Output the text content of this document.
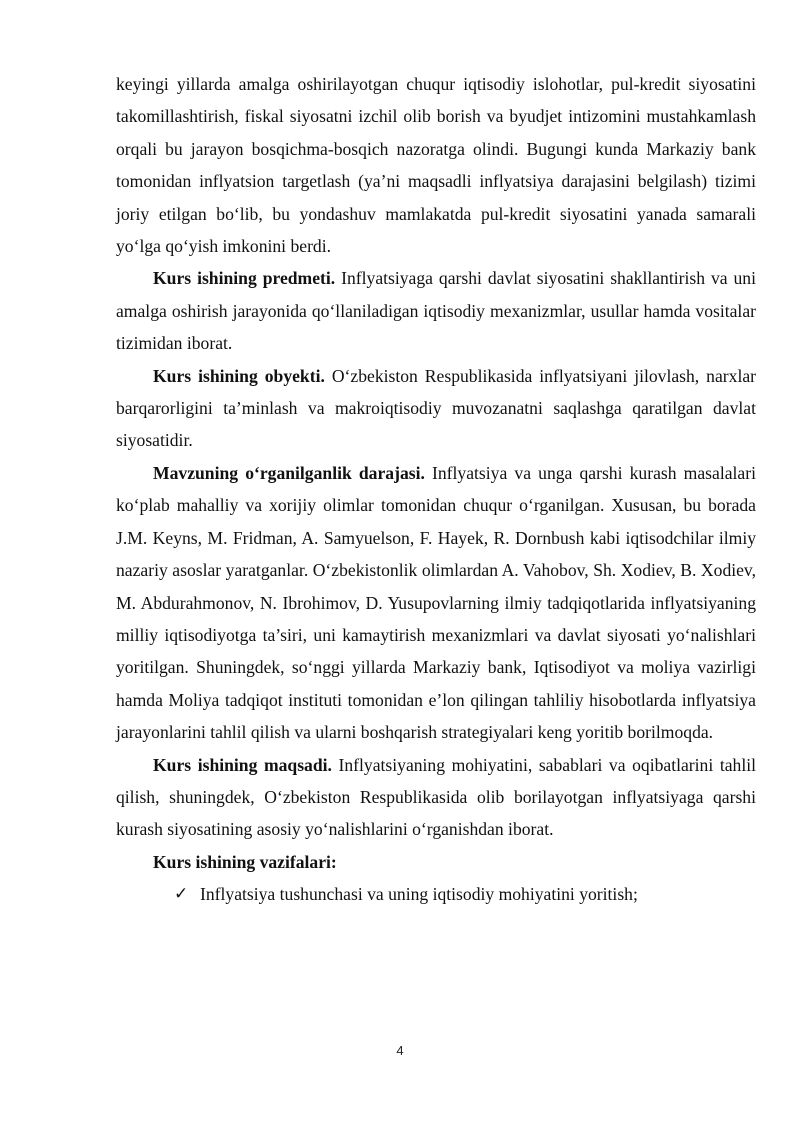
keyingi yillarda amalga oshirilayotgan chuqur iqtisodiy islohotlar, pul-kredit siyosatini takomillashtirish, fiskal siyosatni izchil olib borish va byudjet intizomini mustahkamlash orqali bu jarayon bosqichma-bosqich nazoratga olindi. Bugungi kunda Markaziy bank tomonidan inflyatsion targetlash (ya’ni maqsadli inflyatsiya darajasini belgilash) tizimi joriy etilgan bo‘lib, bu yondashuv mamlakatda pul-kredit siyosatini yanada samarali yo‘lga qo‘yish imkonini berdi.

Kurs ishining predmeti. Inflyatsiyaga qarshi davlat siyosatini shakllantirish va uni amalga oshirish jarayonida qo‘llaniladigan iqtisodiy mexanizmlar, usullar hamda vositalar tizimidan iborat.

Kurs ishining obyekti. O‘zbekiston Respublikasida inflyatsiyani jilovlash, narxlar barqarorligini ta’minlash va makroiqtisodiy muvozanatni saqlashga qaratilgan davlat siyosatidir.

Mavzuning o‘rganilganlik darajasi. Inflyatsiya va unga qarshi kurash masalalari ko‘plab mahalliy va xorijiy olimlar tomonidan chuqur o‘rganilgan. Xususan, bu borada J.M. Keyns, M. Fridman, A. Samyuelson, F. Hayek, R. Dornbush kabi iqtisodchilar ilmiy nazariy asoslar yaratganlar. O‘zbekistonlik olimlardan A. Vahobov, Sh. Xodiev, B. Xodiev, M. Abdurahmonov, N. Ibrohimov, D. Yusupovlarning ilmiy tadqiqotlarida inflyatsiyaning milliy iqtisodiyotga ta’siri, uni kamaytirish mexanizmlari va davlat siyosati yo‘nalishlari yoritilgan. Shuningdek, so‘nggi yillarda Markaziy bank, Iqtisodiyot va moliya vazirligi hamda Moliya tadqiqot instituti tomonidan e’lon qilingan tahliliy hisobotlarda inflyatsiya jarayonlarini tahlil qilish va ularni boshqarish strategiyalari keng yoritib borilmoqda.

Kurs ishining maqsadi. Inflyatsiyaning mohiyatini, sabablari va oqibatlarini tahlil qilish, shuningdek, O‘zbekiston Respublikasida olib borilayotgan inflyatsiyaga qarshi kurash siyosatining asosiy yo‘nalishlarini o‘rganishdan iborat.

Kurs ishining vazifalari:

✓ Inflyatsiya tushunchasi va uning iqtisodiy mohiyatini yoritish;
4
